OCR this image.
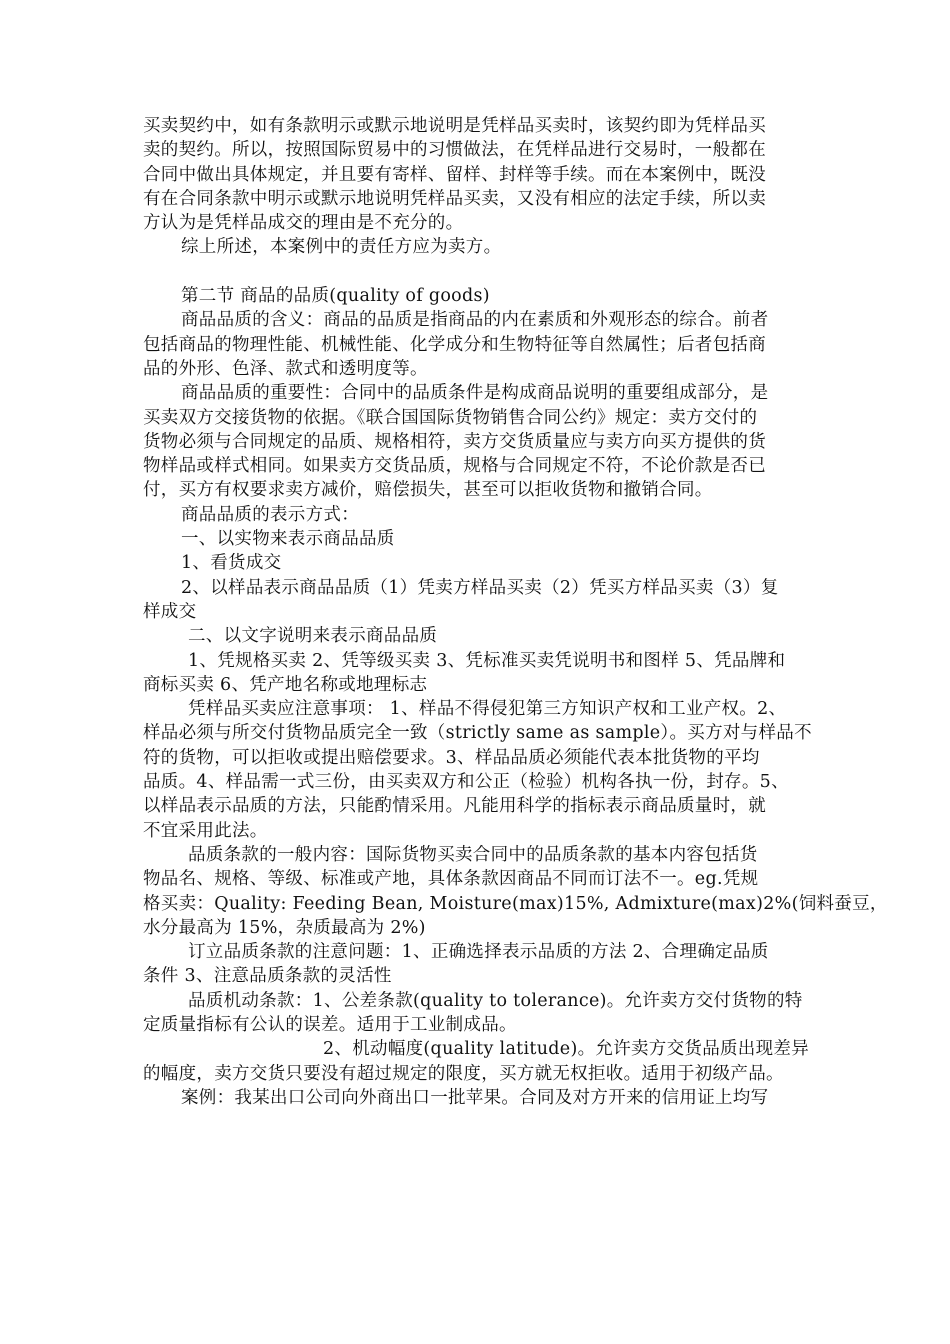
买卖契约中，如有条款明示或默示地说明是凭样品买卖时，该契约即为凭样品买
卖的契约。所以，按照国际贸易中的习惯做法，在凭样品进行交易时，一般都在
合同中做出具体规定，并且要有寄样、留样、封样等手续。而在本案例中，既没
有在合同条款中明示或默示地说明凭样品买卖，又没有相应的法定手续，所以卖
方认为是凭样品成交的理由是不充分的。
综上所述，本案例中的责任方应为卖方。
第二节 商品的品质(quality of goods)
商品品质的含义：商品的品质是指商品的内在素质和外观形态的综合。前者
包括商品的物理性能、机械性能、化学成分和生物特征等自然属性；后者包括商
品的外形、色泽、款式和透明度等。
商品品质的重要性：合同中的品质条件是构成商品说明的重要组成部分，是
买卖双方交接货物的依据。《联合国国际货物销售合同公约》规定：卖方交付的
货物必须与合同规定的品质、规格相符，卖方交货质量应与卖方向买方提供的货
物样品或样式相同。如果卖方交货品质，规格与合同规定不符，不论价款是否已
付，买方有权要求卖方减价，赔偿损失，甚至可以拒收货物和撤销合同。
商品品质的表示方式：
一、以实物来表示商品品质
1、看货成交
2、以样品表示商品品质（1）凭卖方样品买卖（2）凭买方样品买卖（3）复
样成交
二、以文字说明来表示商品品质
1、凭规格买卖 2、凭等级买卖 3、凭标准买卖凭说明书和图样 5、凭品牌和
商标买卖 6、凭产地名称或地理标志
凭样品买卖应注意事项： 1、样品不得侵犯第三方知识产权和工业产权。2、
样品必须与所交付货物品质完全一致（strictly same as sample）。买方对与样品不
符的货物，可以拒收或提出赔偿要求。3、样品品质必须能代表本批货物的平均
品质。4、样品需一式三份，由买卖双方和公正（检验）机构各执一份，封存。5、
以样品表示品质的方法，只能酌情采用。凡能用科学的指标表示商品质量时，就
不宜采用此法。
品质条款的一般内容：国际货物买卖合同中的品质条款的基本内容包括货
物品名、规格、等级、标准或产地，具体条款因商品不同而订法不一。eg.凭规
格买卖：Quality: Feeding Bean, Moisture(max)15%, Admixture(max)2%(饲料蚕豆，
水分最高为 15%，杂质最高为 2%)
订立品质条款的注意问题：1、正确选择表示品质的方法 2、合理确定品质
条件 3、注意品质条款的灵活性
品质机动条款：1、公差条款(quality to tolerance)。允许卖方交付货物的特
定质量指标有公认的误差。适用于工业制成品。
2、机动幅度(quality latitude)。允许卖方交货品质出现差异
的幅度，卖方交货只要没有超过规定的限度，买方就无权拒收。适用于初级产品。
案例：我某出口公司向外商出口一批苹果。合同及对方开来的信用证上均写
